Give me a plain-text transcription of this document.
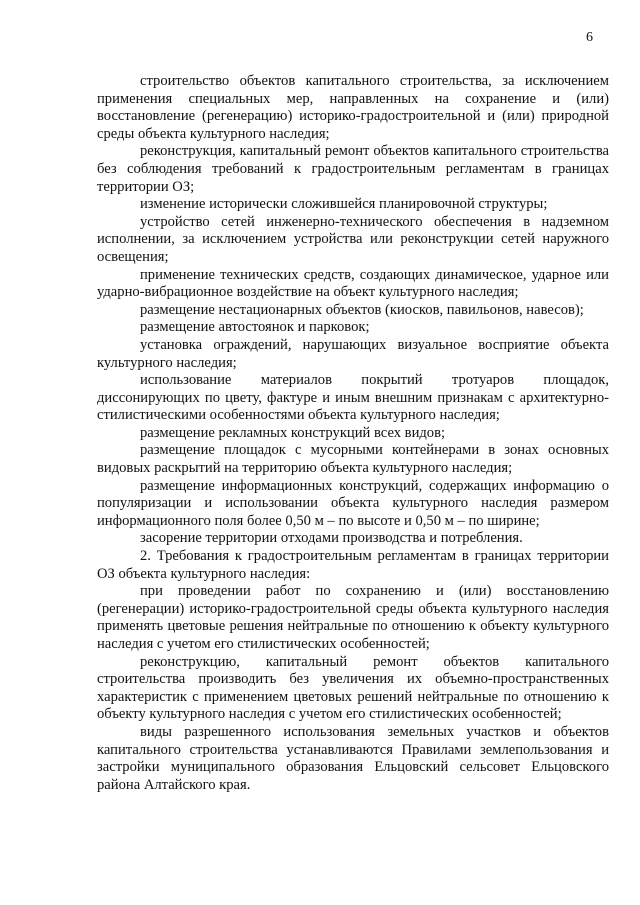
6

строительство объектов капитального строительства, за исключением применения специальных мер, направленных на сохранение и (или) восстановление (регенерацию) историко-градостроительной и (или) природной среды объекта культурного наследия;

реконструкция, капитальный ремонт объектов капитального строительства без соблюдения требований к градостроительным регламентам в границах территории ОЗ;

изменение исторически сложившейся планировочной структуры;

устройство сетей инженерно-технического обеспечения в надземном исполнении, за исключением устройства или реконструкции сетей наружного освещения;

применение технических средств, создающих динамическое, ударное или ударно-вибрационное воздействие на объект культурного наследия;

размещение нестационарных объектов (киосков, павильонов, навесов);

размещение автостоянок и парковок;

установка ограждений, нарушающих визуальное восприятие объекта культурного наследия;

использование материалов покрытий тротуаров площадок, диссонирующих по цвету, фактуре и иным внешним признакам с архитектурно-стилистическими особенностями объекта культурного наследия;

размещение рекламных конструкций всех видов;

размещение площадок с мусорными контейнерами в зонах основных видовых раскрытий на территорию объекта культурного наследия;

размещение информационных конструкций, содержащих информацию о популяризации и использовании объекта культурного наследия размером информационного поля более 0,50 м – по высоте и 0,50 м – по ширине;

засорение территории отходами производства и потребления.

2. Требования к градостроительным регламентам в границах территории ОЗ объекта культурного наследия:

при проведении работ по сохранению и (или) восстановлению (регенерации) историко-градостроительной среды объекта культурного наследия применять цветовые решения нейтральные по отношению к объекту культурного наследия с учетом его стилистических особенностей;

реконструкцию, капитальный ремонт объектов капитального строительства производить без увеличения их объемно-пространственных характеристик с применением цветовых решений нейтральные по отношению к объекту культурного наследия с учетом его стилистических особенностей;

виды разрешенного использования земельных участков и объектов капитального строительства устанавливаются Правилами землепользования и застройки муниципального образования Ельцовский сельсовет Ельцовского района Алтайского края.
